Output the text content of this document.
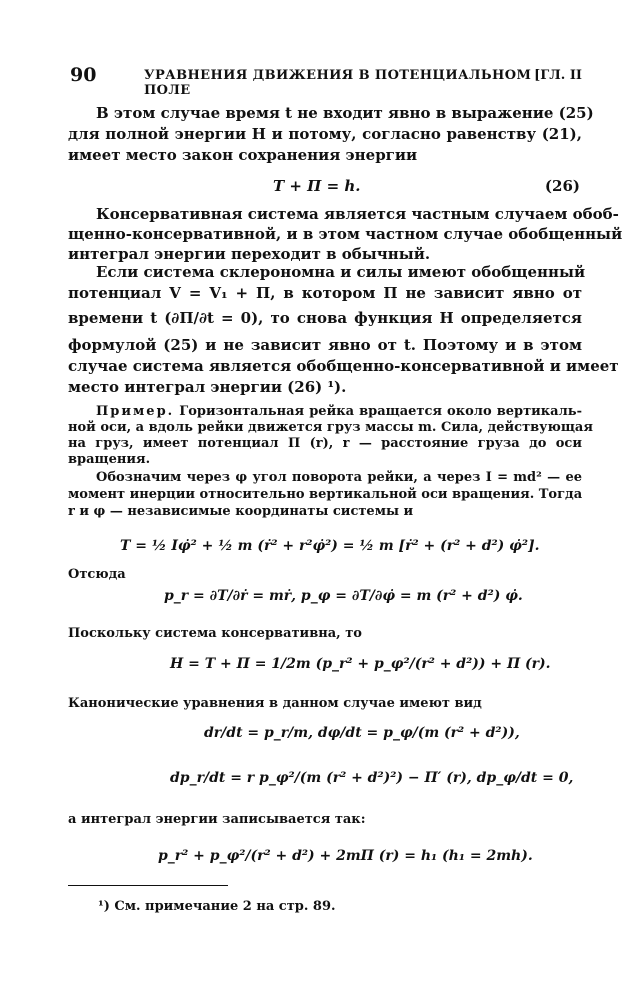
90	УРАВНЕНИЯ ДВИЖЕНИЯ В ПОТЕНЦИАЛЬНОМ ПОЛЕ
[ГЛ. II
В этом случае время t не входит явно в выражение (25)
для полной энергии H и потому, согласно равенству (21),
имеет место закон сохранения энергии
T + П = h.	(26)
Консервативная система является частным случаем обоб-
щенно-консервативной, и в этом частном случае обобщенный
интеграл энергии переходит в обычный.
Если система склерономна и силы имеют обобщенный
потенциал V = V₁ + П, в котором П не зависит явно от
времени t (∂П/∂t = 0), то снова функция H определяется
формулой (25) и не зависит явно от t. Поэтому и в этом
случае система является обобщенно-консервативной и имеет
место интеграл энергии (26) ¹).
Пример. Горизонтальная рейка вращается около вертикаль-
ной оси, а вдоль рейки движется груз массы m. Сила, действующая
на груз, имеет потенциал П (r), r — расстояние груза до оси
вращения.
Обозначим через φ угол поворота рейки, а через I = md² — ее
момент инерции относительно вертикальной оси вращения. Тогда
r и φ — независимые координаты системы и
T = ½ Iφ̇² + ½ m (ṙ² + r²φ̇²) = ½ m [ṙ² + (r² + d²) φ̇²].
Отсюда
p_r = ∂T/∂ṙ = mṙ, p_φ = ∂T/∂φ̇ = m (r² + d²) φ̇.
Поскольку система консервативна, то
H = T + П = 1/2m (p_r² + p_φ²/(r² + d²)) + П (r).
Канонические уравнения в данном случае имеют вид
dr/dt = p_r/m, dφ/dt = p_φ/(m (r² + d²)),
dp_r/dt = r p_φ²/(m (r² + d²)²) − П′ (r), dp_φ/dt = 0,
а интеграл энергии записывается так:
p_r² + p_φ²/(r² + d²) + 2mП (r) = h₁ (h₁ = 2mh).
¹) См. примечание 2 на стр. 89.
